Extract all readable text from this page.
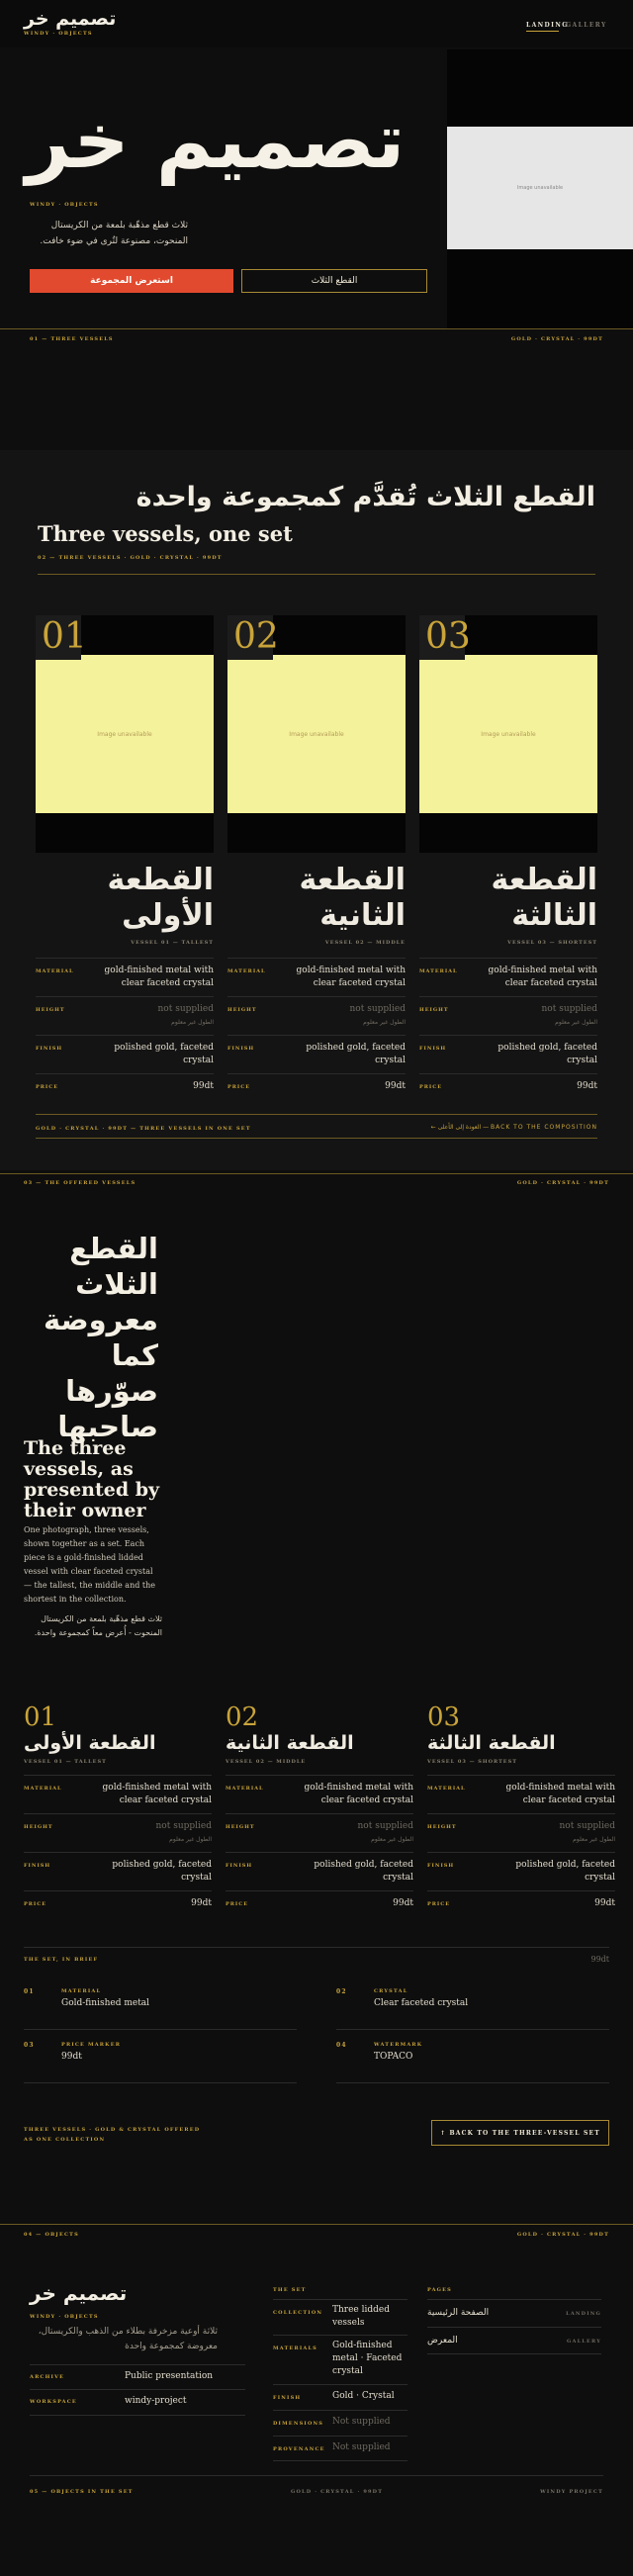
تصميم خر
WINDY · OBJECTS
LANDING
GALLERY
تصميم خر
WINDY · OBJECTS
ثلاث قطع مذهّبة بلمعة من الكريستال المنحوت، مصنوعة لتُرى في ضوء خافت.
استعرض المجموعة	القطع الثلاث
Image unavailable
01 — THREE VESSELS	GOLD · CRYSTAL · 99DT
القطع الثلاث تُقدَّم كمجموعة واحدة
Three vessels, one set
02 — THREE VESSELS · GOLD · CRYSTAL · 99DT
Image unavailable
01
القطعة الأولى
VESSEL 01 — TALLEST
MATERIAL	gold-finished metal with clear faceted crystal
HEIGHT	not supplied
الطول غير معلوم
FINISH	polished gold, faceted crystal
PRICE	99dt
Image unavailable
02
القطعة الثانية
VESSEL 02 — MIDDLE
MATERIAL	gold-finished metal with clear faceted crystal
HEIGHT	not supplied
الطول غير معلوم
FINISH	polished gold, faceted crystal
PRICE	99dt
Image unavailable
03
القطعة الثالثة
VESSEL 03 — SHORTEST
MATERIAL	gold-finished metal with clear faceted crystal
HEIGHT	not supplied
الطول غير معلوم
FINISH	polished gold, faceted crystal
PRICE	99dt
GOLD · CRYSTAL · 99DT — THREE VESSELS IN ONE SET	← العودة إلى الأعلى — BACK TO THE COMPOSITION
03 — THE OFFERED VESSELS	GOLD · CRYSTAL · 99DT
القطع الثلاث معروضة كما صوّرها صاحبها
The three vessels, as presented by their owner
One photograph, three vessels, shown together as a set. Each piece is a gold-finished lidded vessel with clear faceted crystal — the tallest, the middle and the shortest in the collection.
ثلاث قطع مذهّبة بلمعة من الكريستال المنحوت - أُعرض معاً كمجموعة واحدة.
01
القطعة الأولى
VESSEL 01 — TALLEST
MATERIAL	gold-finished metal with clear faceted crystal
HEIGHT	not supplied
الطول غير معلوم
FINISH	polished gold, faceted crystal
PRICE	99dt
02
القطعة الثانية
VESSEL 02 — MIDDLE
MATERIAL	gold-finished metal with clear faceted crystal
HEIGHT	not supplied
الطول غير معلوم
FINISH	polished gold, faceted crystal
PRICE	99dt
03
القطعة الثالثة
VESSEL 03 — SHORTEST
MATERIAL	gold-finished metal with clear faceted crystal
HEIGHT	not supplied
الطول غير معلوم
FINISH	polished gold, faceted crystal
PRICE	99dt
THE SET, IN BRIEF	99dt
01	MATERIAL
Gold-finished metal
02	CRYSTAL
Clear faceted crystal
03	PRICE MARKER
99dt
04	WATERMARK
TOPACO
THREE VESSELS · GOLD & CRYSTAL OFFERED AS ONE COLLECTION
↑ BACK TO THE THREE-VESSEL SET
04 — OBJECTS	GOLD · CRYSTAL · 99DT
تصميم خر
WINDY · OBJECTS
ثلاثة أوعية مزخرفة بطلاء من الذهب والكريستال، معروضة كمجموعة واحدة
ARCHIVE	Public presentation
WORKSPACE	windy-project
THE SET
COLLECTION Three lidded vessels
MATERIALS Gold-finished metal · Faceted crystal
FINISH	Gold · Crystal
DIMENSIONS Not supplied
PROVENANCE Not supplied
PAGES
الصفحة الرئيسية	LANDING
المعرض	GALLERY
05 — OBJECTS IN THE SET	GOLD · CRYSTAL · 99DT	WINDY PROJECT
